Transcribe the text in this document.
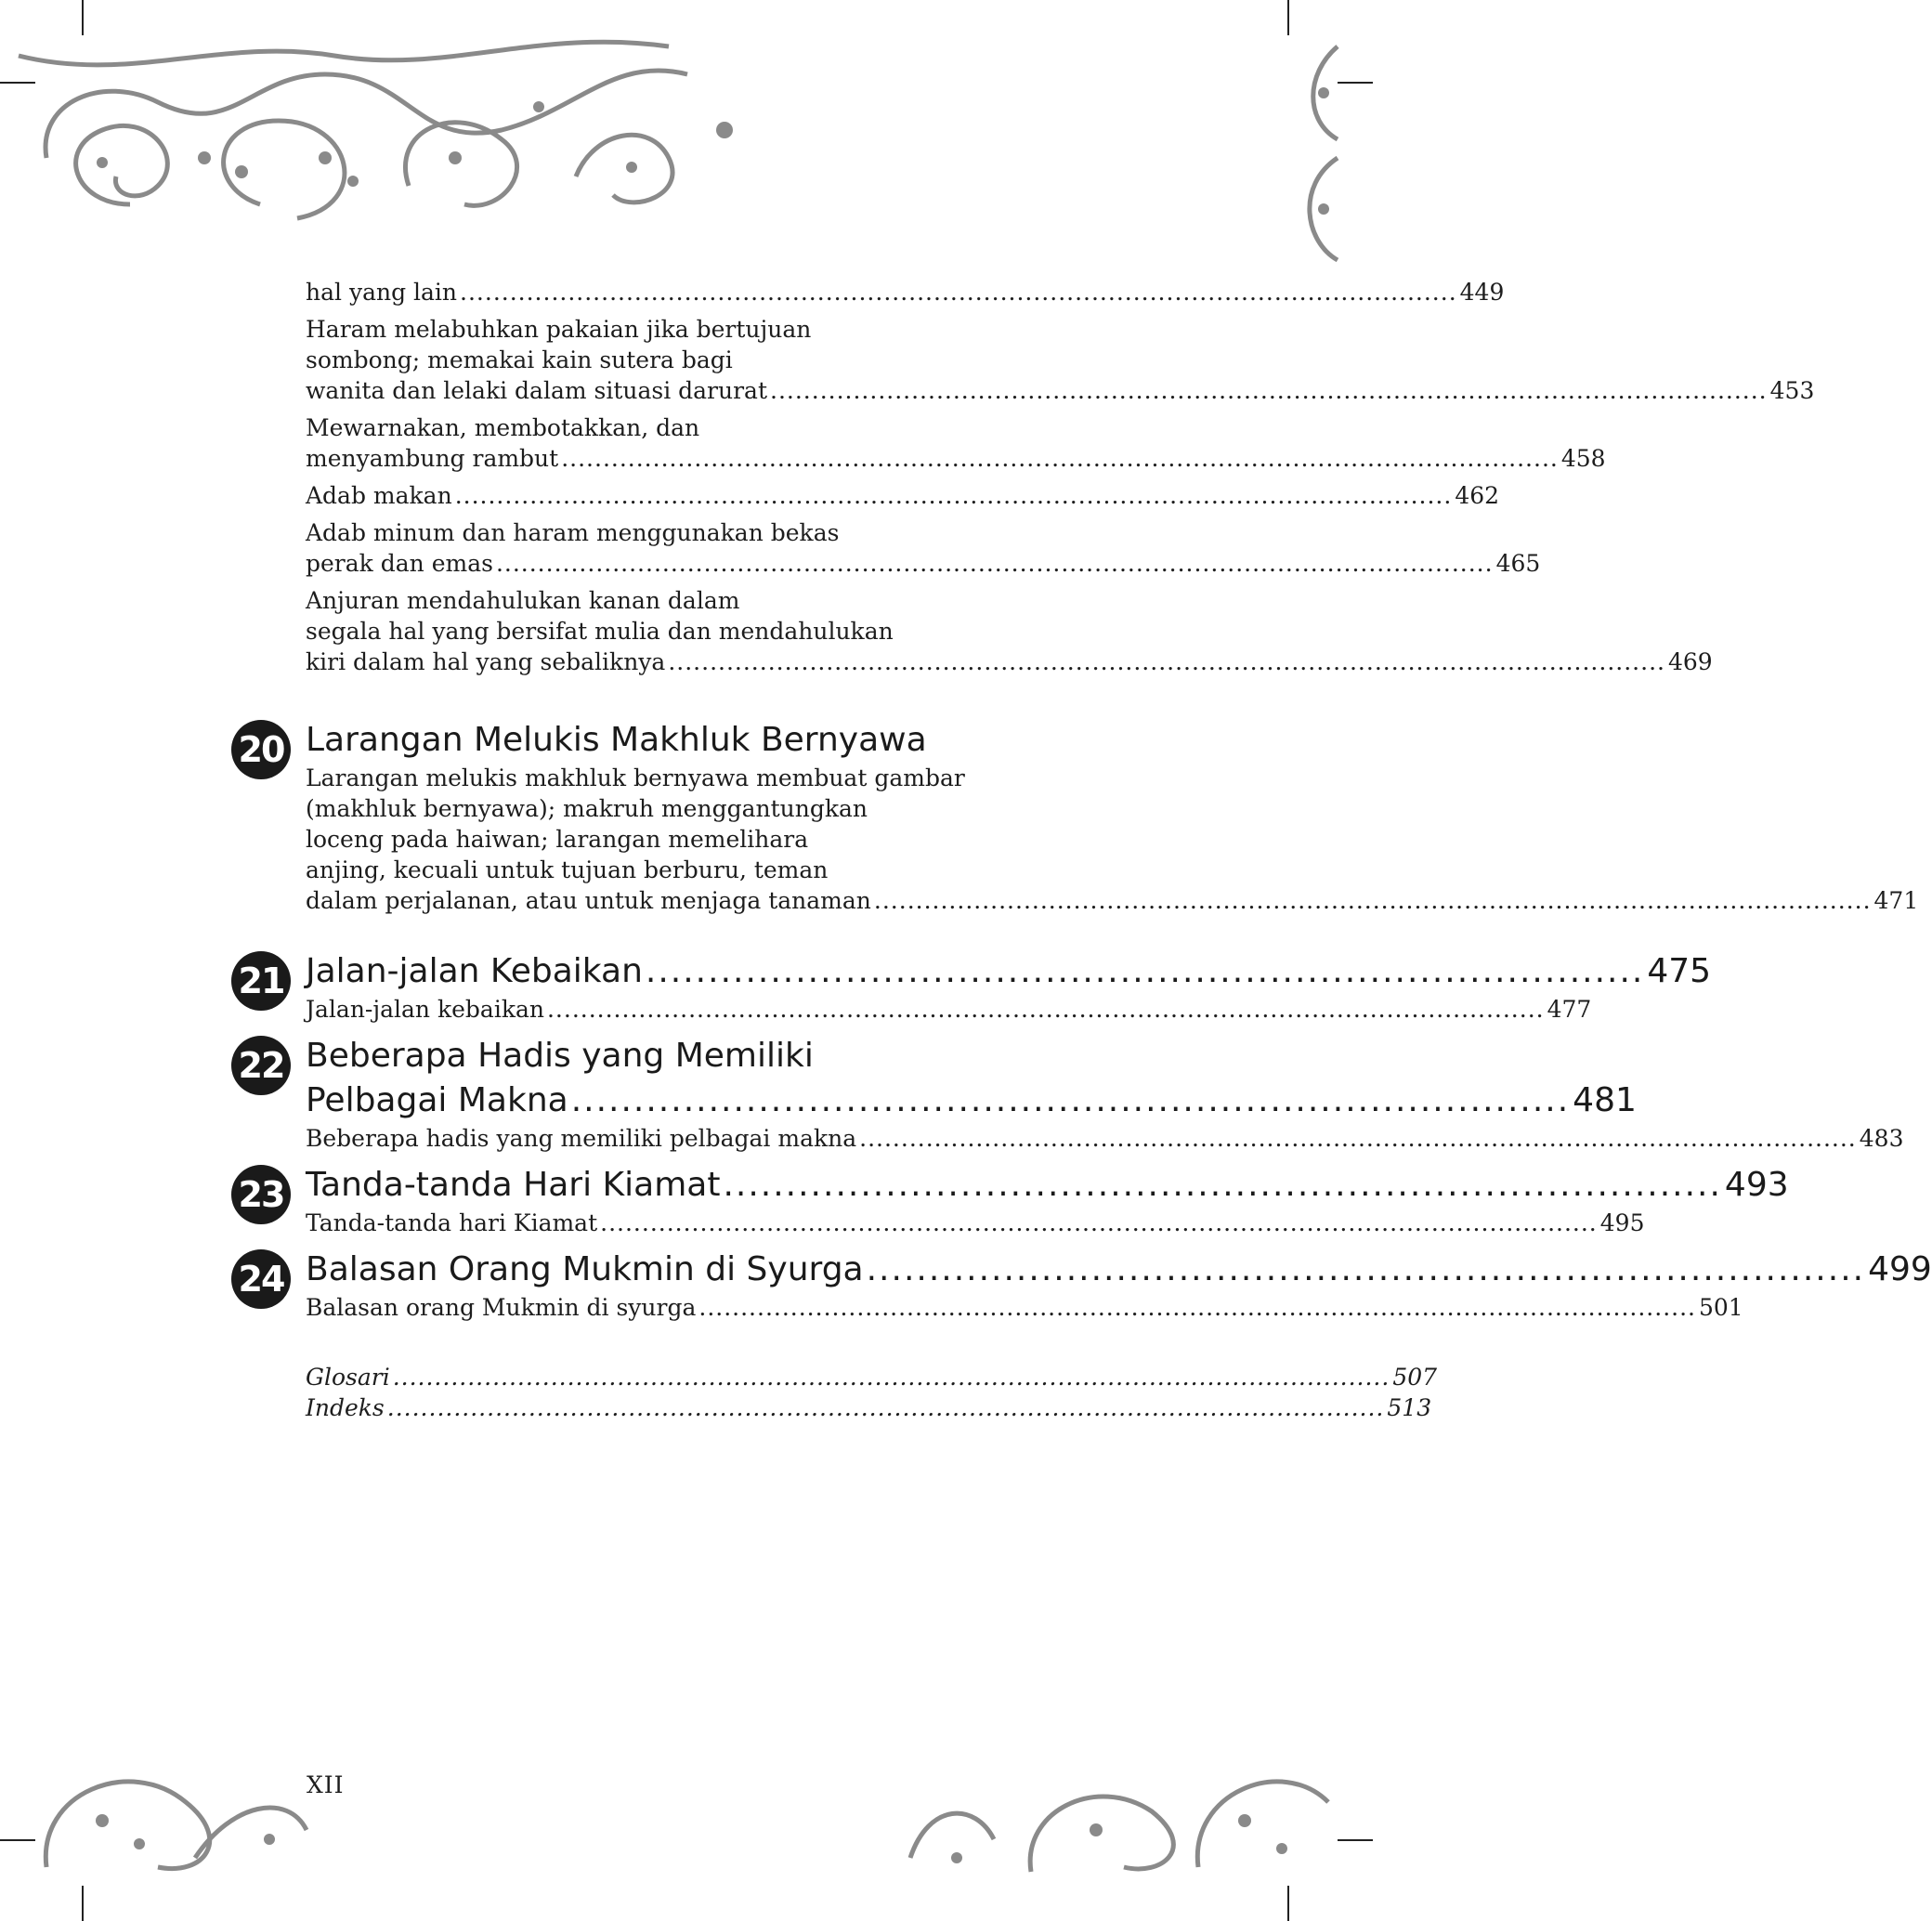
hal yang lain ........................................................................................................................ 449
Haram melabuhkan pakaian jika bertujuan
sombong; memakai kain sutera bagi
wanita dan lelaki dalam situasi darurat ........................................................................................................................ 453
Mewarnakan, membotakkan, dan
menyambung rambut ........................................................................................................................ 458
Adab makan ........................................................................................................................ 462
Adab minum dan haram menggunakan bekas
perak dan emas ........................................................................................................................ 465
Anjuran mendahulukan kanan dalam
segala hal yang bersifat mulia dan mendahulukan
kiri dalam hal yang sebaliknya ........................................................................................................................ 469
20 Larangan Melukis Makhluk Bernyawa
Larangan melukis makhluk bernyawa membuat gambar
(makhluk bernyawa); makruh menggantungkan
loceng pada haiwan; larangan memelihara
anjing, kecuali untuk tujuan berburu, teman
dalam perjalanan, atau untuk menjaga tanaman ........................................................................................................................ 471
21 Jalan-jalan Kebaikan ................................................................................ 475
Jalan-jalan kebaikan ........................................................................................................................ 477
22 Beberapa Hadis yang Memiliki
Pelbagai Makna ................................................................................ 481
Beberapa hadis yang memiliki pelbagai makna ........................................................................................................................ 483
23 Tanda-tanda Hari Kiamat ................................................................................ 493
Tanda-tanda hari Kiamat ........................................................................................................................ 495
24 Balasan Orang Mukmin di Syurga ................................................................................ 499
Balasan orang Mukmin di syurga ........................................................................................................................ 501
Glosari ........................................................................................................................ 507
Indeks ........................................................................................................................ 513
XII
